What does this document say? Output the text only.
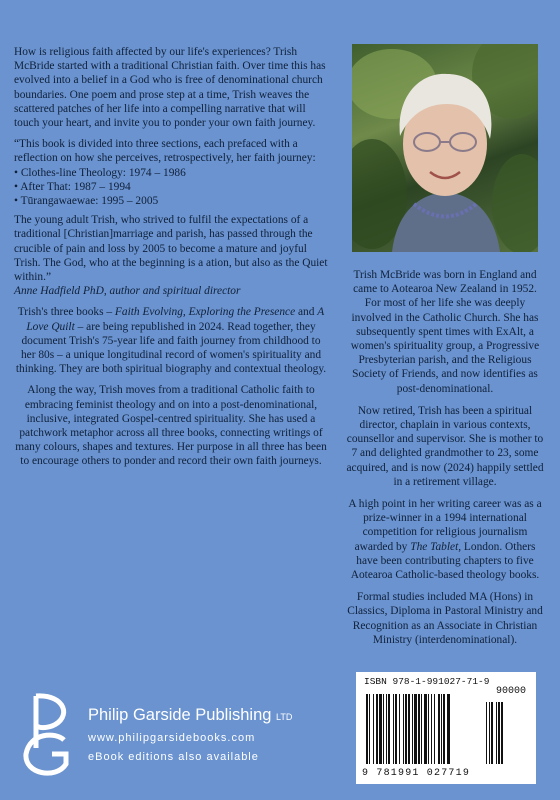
How is religious faith affected by our life's experiences? Trish McBride started with a traditional Christian faith. Over time this has evolved into a belief in a God who is free of denominational church boundaries. One poem and prose step at a time, Trish weaves the scattered patches of her life into a compelling narrative that will touch your heart, and invite you to ponder your own faith journey.

“This book is divided into three sections, each prefaced with a reflection on how she perceives, retrospectively, her faith journey:

• Clothes-line Theology: 1974 – 1986

• After That: 1987 – 1994

• Tūrangawaewae: 1995 – 2005

The young adult Trish, who strived to fulfil the expectations of a traditional [Christian]marriage and parish, has passed through the crucible of pain and loss by 2005 to become a mature and joyful Trish. The God, who at the beginning is a ation, but also as the Quiet within.”

Anne Hadfield PhD, author and spiritual director

Trish's three books – Faith Evolving, Exploring the Presence and A Love Quilt – are being republished in 2024. Read together, they document Trish's 75-year life and faith journey from childhood to her 80s – a unique longitudinal record of women's spirituality and thinking. They are both spiritual biography and contextual theology.

Along the way, Trish moves from a traditional Catholic faith to embracing feminist theology and on into a post-denominational, inclusive, integrated Gospel-centred spirituality. She has used a patchwork metaphor across all three books, connecting writings of many colours, shapes and textures. Her purpose in all three has been to encourage others to ponder and record their own faith journeys.

Trish McBride was born in England and came to Aotearoa New Zealand in 1952. For most of her life she was deeply involved in the Catholic Church. She has subsequently spent times with ExAlt, a women's spirituality group, a Progressive Presbyterian parish, and the Religious Society of Friends, and now identifies as post-denominational.

Now retired, Trish has been a spiritual director, chaplain in various contexts, counsellor and supervisor. She is mother to 7 and delighted grandmother to 23, some acquired, and is now (2024) happily settled in a retirement village.

A high point in her writing career was as a prize-winner in a 1994 international competition for religious journalism awarded by The Tablet, London. Others have been contributing chapters to five Aotearoa Catholic-based theology books.

Formal studies included MA (Hons) in Classics, Diploma in Pastoral Ministry and Recognition as an Associate in Christian Ministry (interdenominational).

Philip Garside Publishing LTD
www.philipgarsidebooks.com
eBook editions also available
ISBN 978-1-991027-71-9
90000
9 781991 027719
